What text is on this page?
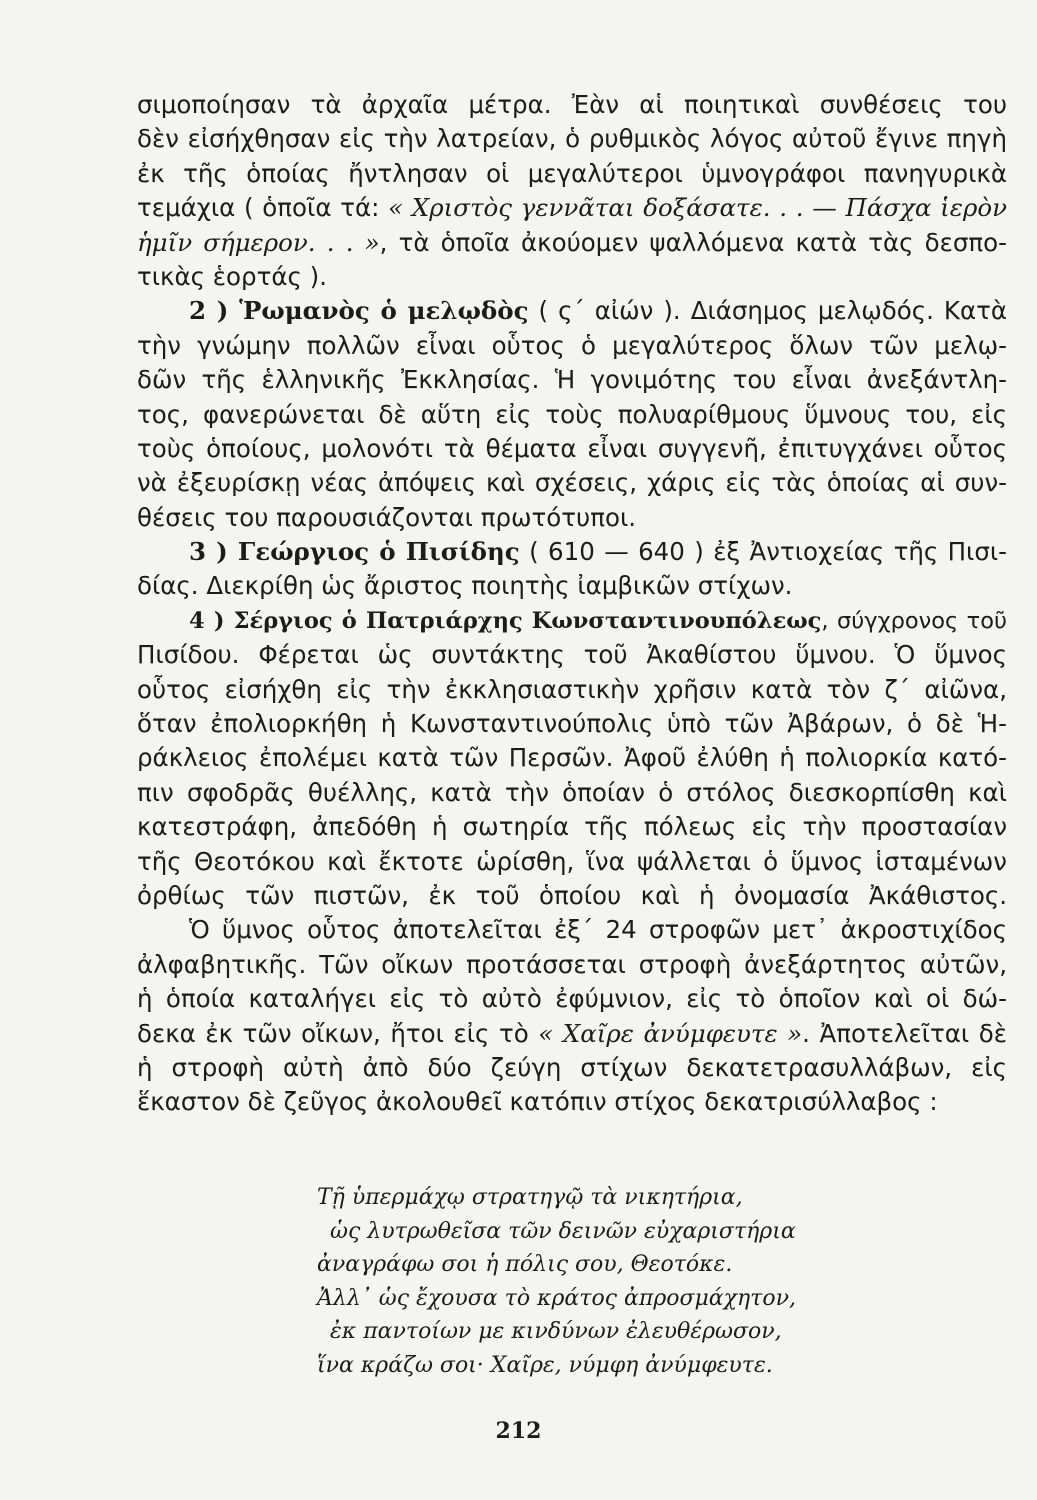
σιμοποίησαν τὰ ἀρχαῖα μέτρα. Ἐὰν αἱ ποιητικαὶ συνθέσεις του
δὲν εἰσήχθησαν εἰς τὴν λατρείαν, ὁ ρυθμικὸς λόγος αὐτοῦ ἔγινε πηγὴ
ἐκ τῆς ὁποίας ἤντλησαν οἱ μεγαλύτεροι ὑμνογράφοι πανηγυρικὰ
τεμάχια ( ὁποῖα τά: « Χριστὸς γεννᾶται δοξάσατε. . . — Πάσχα ἱερὸν
ἡμῖν σήμερον. . . », τὰ ὁποῖα ἀκούομεν ψαλλόμενα κατὰ τὰς δεσπο-
τικὰς ἑορτάς ).
2 ) Ῥωμανὸς ὁ μελῳδὸς ( ς´ αἰών ). Διάσημος μελῳδός. Κατὰ
τὴν γνώμην πολλῶν εἶναι οὗτος ὁ μεγαλύτερος ὅλων τῶν μελῳ-
δῶν τῆς ἑλληνικῆς Ἐκκλησίας. Ἡ γονιμότης του εἶναι ἀνεξάντλη-
τος, φανερώνεται δὲ αὕτη εἰς τοὺς πολυαρίθμους ὕμνους του, εἰς
τοὺς ὁποίους, μολονότι τὰ θέματα εἶναι συγγενῆ, ἐπιτυγχάνει οὗτος
νὰ ἐξευρίσκῃ νέας ἀπόψεις καὶ σχέσεις, χάρις εἰς τὰς ὁποίας αἱ συν-
θέσεις του παρουσιάζονται πρωτότυποι.
3 ) Γεώργιος ὁ Πισίδης ( 610 — 640 ) ἐξ Ἀντιοχείας τῆς Πισι-
δίας. Διεκρίθη ὡς ἄριστος ποιητὴς ἰαμβικῶν στίχων.
4 ) Σέργιος ὁ Πατριάρχης Κωνσταντινουπόλεως, σύγχρονος τοῦ
Πισίδου. Φέρεται ὡς συντάκτης τοῦ Ἀκαθίστου ὕμνου. Ὁ ὕμνος
οὗτος εἰσήχθη εἰς τὴν ἐκκλησιαστικὴν χρῆσιν κατὰ τὸν ζ´ αἰῶνα,
ὅταν ἐπολιορκήθη ἡ Κωνσταντινούπολις ὑπὸ τῶν Ἀβάρων, ὁ δὲ Ἡ-
ράκλειος ἐπολέμει κατὰ τῶν Περσῶν. Ἀφοῦ ἐλύθη ἡ πολιορκία κατό-
πιν σφοδρᾶς θυέλλης, κατὰ τὴν ὁποίαν ὁ στόλος διεσκορπίσθη καὶ
κατεστράφη, ἀπεδόθη ἡ σωτηρία τῆς πόλεως εἰς τὴν προστασίαν
τῆς Θεοτόκου καὶ ἔκτοτε ὡρίσθη, ἵνα ψάλλεται ὁ ὕμνος ἱσταμένων
ὀρθίως τῶν πιστῶν, ἐκ τοῦ ὁποίου καὶ ἡ ὀνομασία Ἀκάθιστος.
Ὁ ὕμνος οὗτος ἀποτελεῖται ἐξ´ 24 στροφῶν μετ᾽ ἀκροστιχίδος
ἀλφαβητικῆς. Τῶν οἴκων προτάσσεται στροφὴ ἀνεξάρτητος αὐτῶν,
ἡ ὁποία καταλήγει εἰς τὸ αὐτὸ ἐφύμνιον, εἰς τὸ ὁποῖον καὶ οἱ δώ-
δεκα ἐκ τῶν οἴκων, ἤτοι εἰς τὸ « Χαῖρε ἀνύμφευτε ». Ἀποτελεῖται δὲ
ἡ στροφὴ αὐτὴ ἀπὸ δύο ζεύγη στίχων δεκατετρασυλλάβων, εἰς
ἕκαστον δὲ ζεῦγος ἀκολουθεῖ κατόπιν στίχος δεκατρισύλλαβος :
Τῇ ὑπερμάχῳ στρατηγῷ τὰ νικητήρια,
ὡς λυτρωθεῖσα τῶν δεινῶν εὐχαριστήρια
ἀναγράφω σοι ἡ πόλις σου, Θεοτόκε.
Ἀλλ᾽ ὡς ἔχουσα τὸ κράτος ἀπροσμάχητον,
ἐκ παντοίων με κινδύνων ἐλευθέρωσον,
ἵνα κράζω σοι· Χαῖρε, νύμφη ἀνύμφευτε.
212
